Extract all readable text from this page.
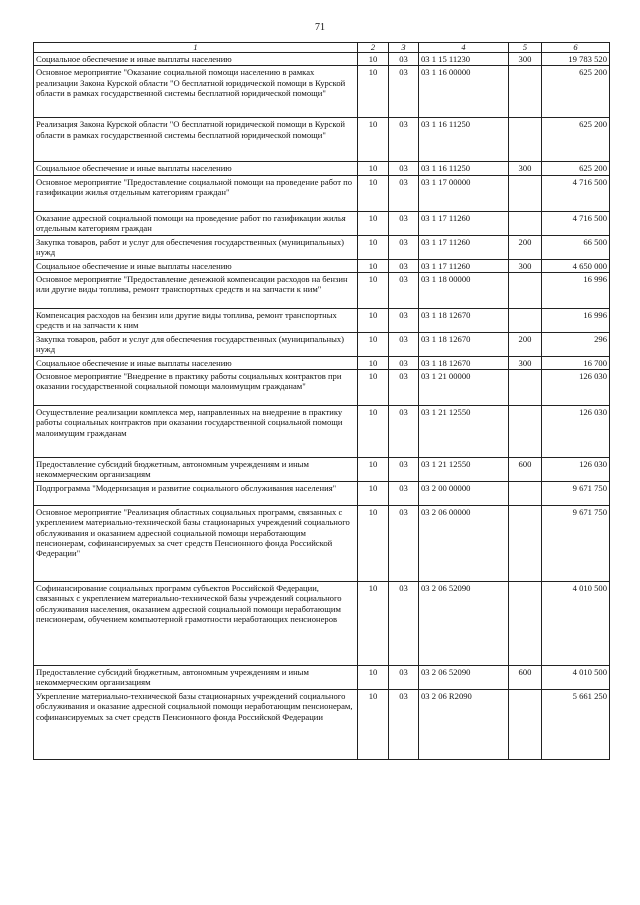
71
1	2	3	4	5	6
Социальное обеспечение и иные выплаты населению	10	03	03 1 15 11230	300	19 783 520
Основное мероприятие "Оказание социальной помощи населению в рамках реализации Закона Курской области "О бесплатной юридической помощи в Курской области в рамках государственной системы бесплатной юридической помощи"	10	03	03 1 16 00000		625 200
Реализация Закона Курской области "О бесплатной юридической помощи в Курской области в рамках государственной системы бесплатной юридической помощи"	10	03	03 1 16 11250		625 200
Социальное обеспечение и иные выплаты населению	10	03	03 1 16 11250	300	625 200
Основное мероприятие "Предоставление социальной помощи на проведение работ по газификации жилья отдельным категориям граждан"	10	03	03 1 17 00000		4 716 500
Оказание адресной социальной помощи на проведение работ по газификации жилья отдельным категориям граждан	10	03	03 1 17 11260		4 716 500
Закупка товаров, работ и услуг для обеспечения государственных (муниципальных) нужд	10	03	03 1 17 11260	200	66 500
Социальное обеспечение и иные выплаты населению	10	03	03 1 17 11260	300	4 650 000
Основное мероприятие "Предоставление денежной компенсации расходов на бензин или другие виды топлива, ремонт транспортных средств и на запчасти к ним"	10	03	03 1 18 00000		16 996
Компенсация расходов на бензин или другие виды топлива, ремонт транспортных средств и на запчасти к ним	10	03	03 1 18 12670		16 996
Закупка товаров, работ и услуг для обеспечения государственных (муниципальных) нужд	10	03	03 1 18 12670	200	296
Социальное обеспечение и иные выплаты населению	10	03	03 1 18 12670	300	16 700
Основное мероприятие "Внедрение в практику работы социальных контрактов при оказании государственной социальной помощи малоимущим гражданам"	10	03	03 1 21 00000		126 030
Осуществление реализации комплекса мер, направленных на внедрение в практику работы социальных контрактов при оказании государственной социальной помощи малоимущим гражданам	10	03	03 1 21 12550		126 030
Предоставление субсидий бюджетным, автономным учреждениям и иным некоммерческим организациям	10	03	03 1 21 12550	600	126 030
Подпрограмма "Модернизация и развитие социального обслуживания населения"	10	03	03 2 00 00000		9 671 750
Основное мероприятие "Реализация областных социальных программ, связанных с укреплением материально-технической базы стационарных учреждений социального обслуживания и оказанием адресной социальной помощи неработающим пенсионерам, софинансируемых за счет средств Пенсионного фонда Российской Федерации"	10	03	03 2 06 00000		9 671 750
Софинансирование социальных программ субъектов Российской Федерации, связанных с укреплением материально-технической базы учреждений социального обслуживания населения, оказанием адресной социальной помощи неработающим пенсионерам, обучением компьютерной грамотности неработающих пенсионеров	10	03	03 2 06 52090		4 010 500
Предоставление субсидий бюджетным, автономным учреждениям и иным некоммерческим организациям	10	03	03 2 06 52090	600	4 010 500
Укрепление материально-технической базы стационарных учреждений социального обслуживания и оказание адресной социальной помощи неработающим пенсионерам, софинансируемых за счет средств Пенсионного фонда Российской Федерации	10	03	03 2 06 R2090		5 661 250
